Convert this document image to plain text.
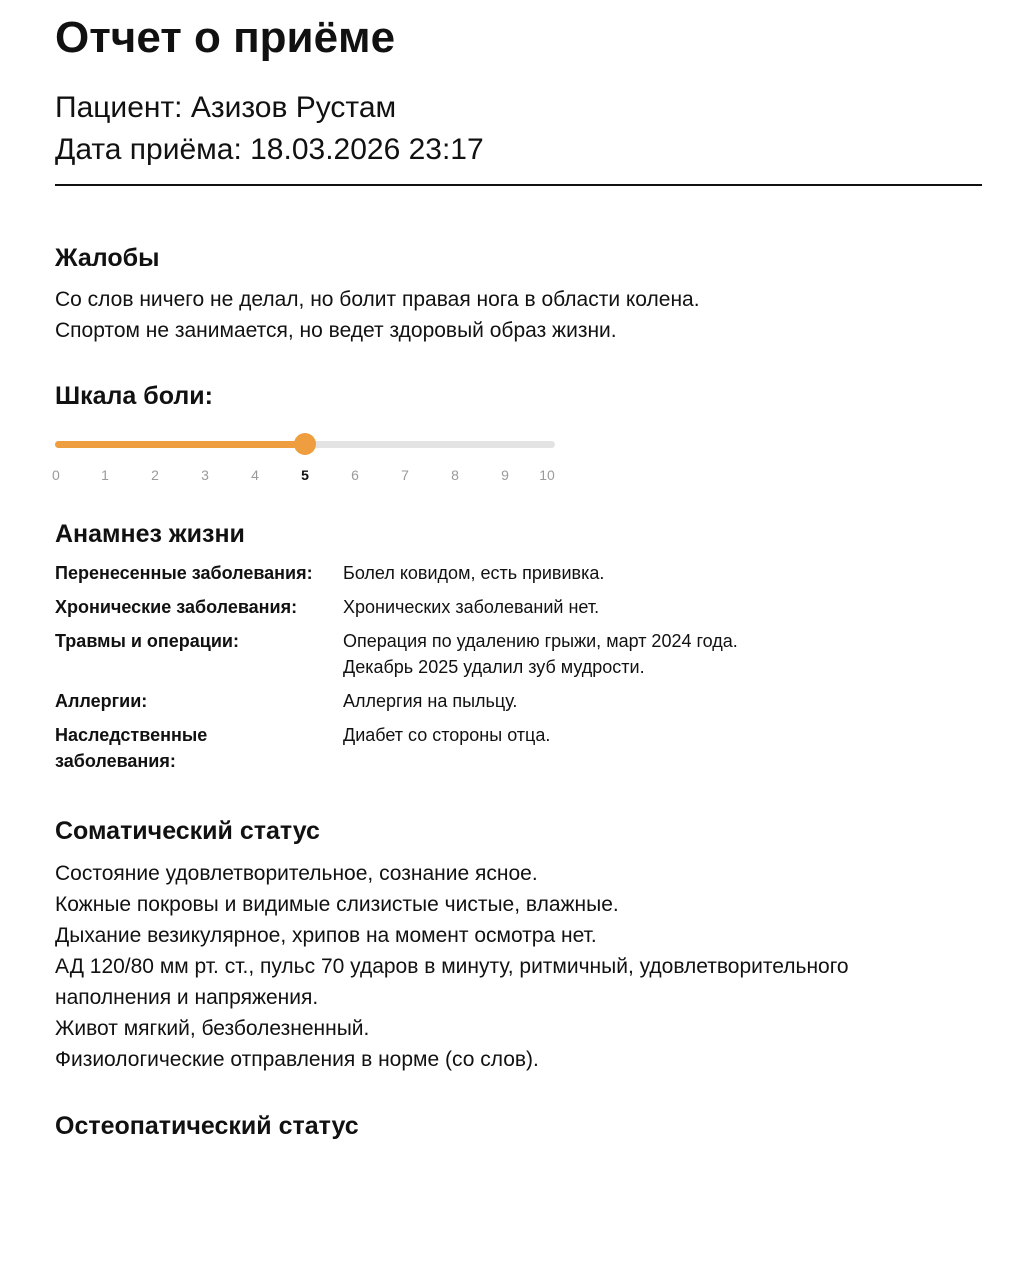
Отчет о приёме

Пациент: Азизов Рустам

Дата приёма: 18.03.2026 23:17

Жалобы
Со слов ничего не делал, но болит правая нога в области колена.
Спортом не занимается, но ведет здоровый образ жизни.
Шкала боли:
0	1	2	3	4	5	6	7	8	9	10
Анамнез жизни
Перенесенные заболевания:	Болел ковидом, есть прививка.
Хронические заболевания:	Хронических заболеваний нет.
Травмы и операции:	Операция по удалению грыжи, март 2024 года.
Декабрь 2025 удалил зуб мудрости.
Аллергии:	Аллергия на пыльцу.
Наследственные
заболевания:
Диабет со стороны отца.
Соматический статус
Состояние удовлетворительное, сознание ясное.
Кожные покровы и видимые слизистые чистые, влажные.
Дыхание везикулярное, хрипов на момент осмотра нет.
АД 120/80 мм рт. ст., пульс 70 ударов в минуту, ритмичный, удовлетворительного
наполнения и напряжения.
Живот мягкий, безболезненный.
Физиологические отправления в норме (со слов).
Остеопатический статус
